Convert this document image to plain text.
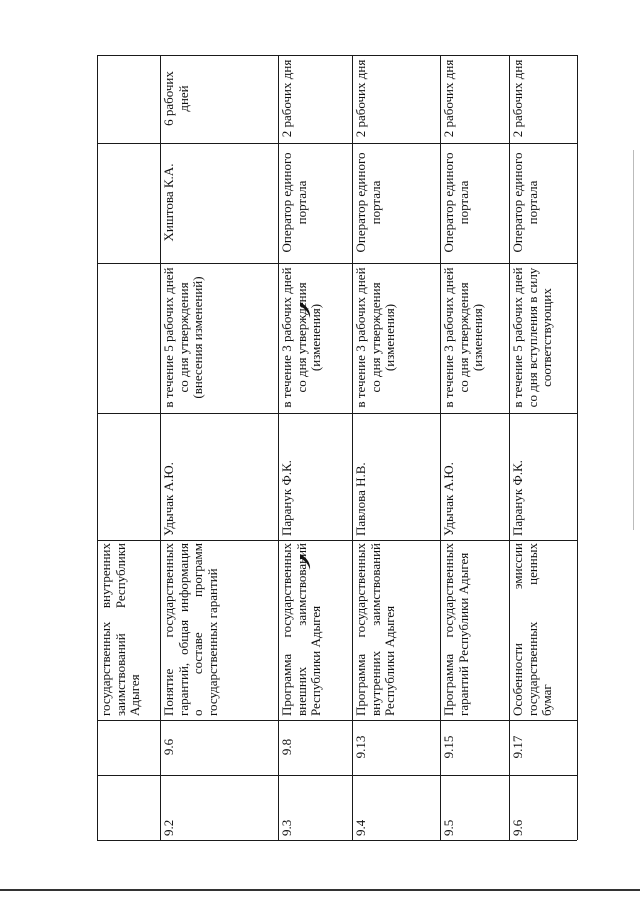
государственных внутренних заимствований Республики Адыгея
9.2
9.6
Понятие государственных гарантий, общая информация о составе программ государственных гарантий
Удычак А.Ю.
в течение 5 рабочих дней со дня утверждения (внесения изменений)
Хиштова К.А.
6 рабочих дней
9.3
9.8
Программа государственных внешних заимствований Республики Адыгея
Паранук Ф.К.
в течение 3 рабочих дней со дня утверждения (изменения)
Оператор единого портала
2 рабочих дня
9.4
9.13
Программа государственных внутренних заимствований Республики Адыгея
Павлова Н.В.
в течение 3 рабочих дней со дня утверждения (изменения)
Оператор единого портала
2 рабочих дня
9.5
9.15
Программа государственных гарантий Республики Адыгея
Удычак А.Ю.
в течение 3 рабочих дней со дня утверждения (изменения)
Оператор единого портала
2 рабочих дня
9.6
9.17
Особенности эмиссии государственных ценных бумаг
Паранук Ф.К.
в течение 5 рабочих дней со дня вступления в силу соответствующих
Оператор единого портала
2 рабочих дня
